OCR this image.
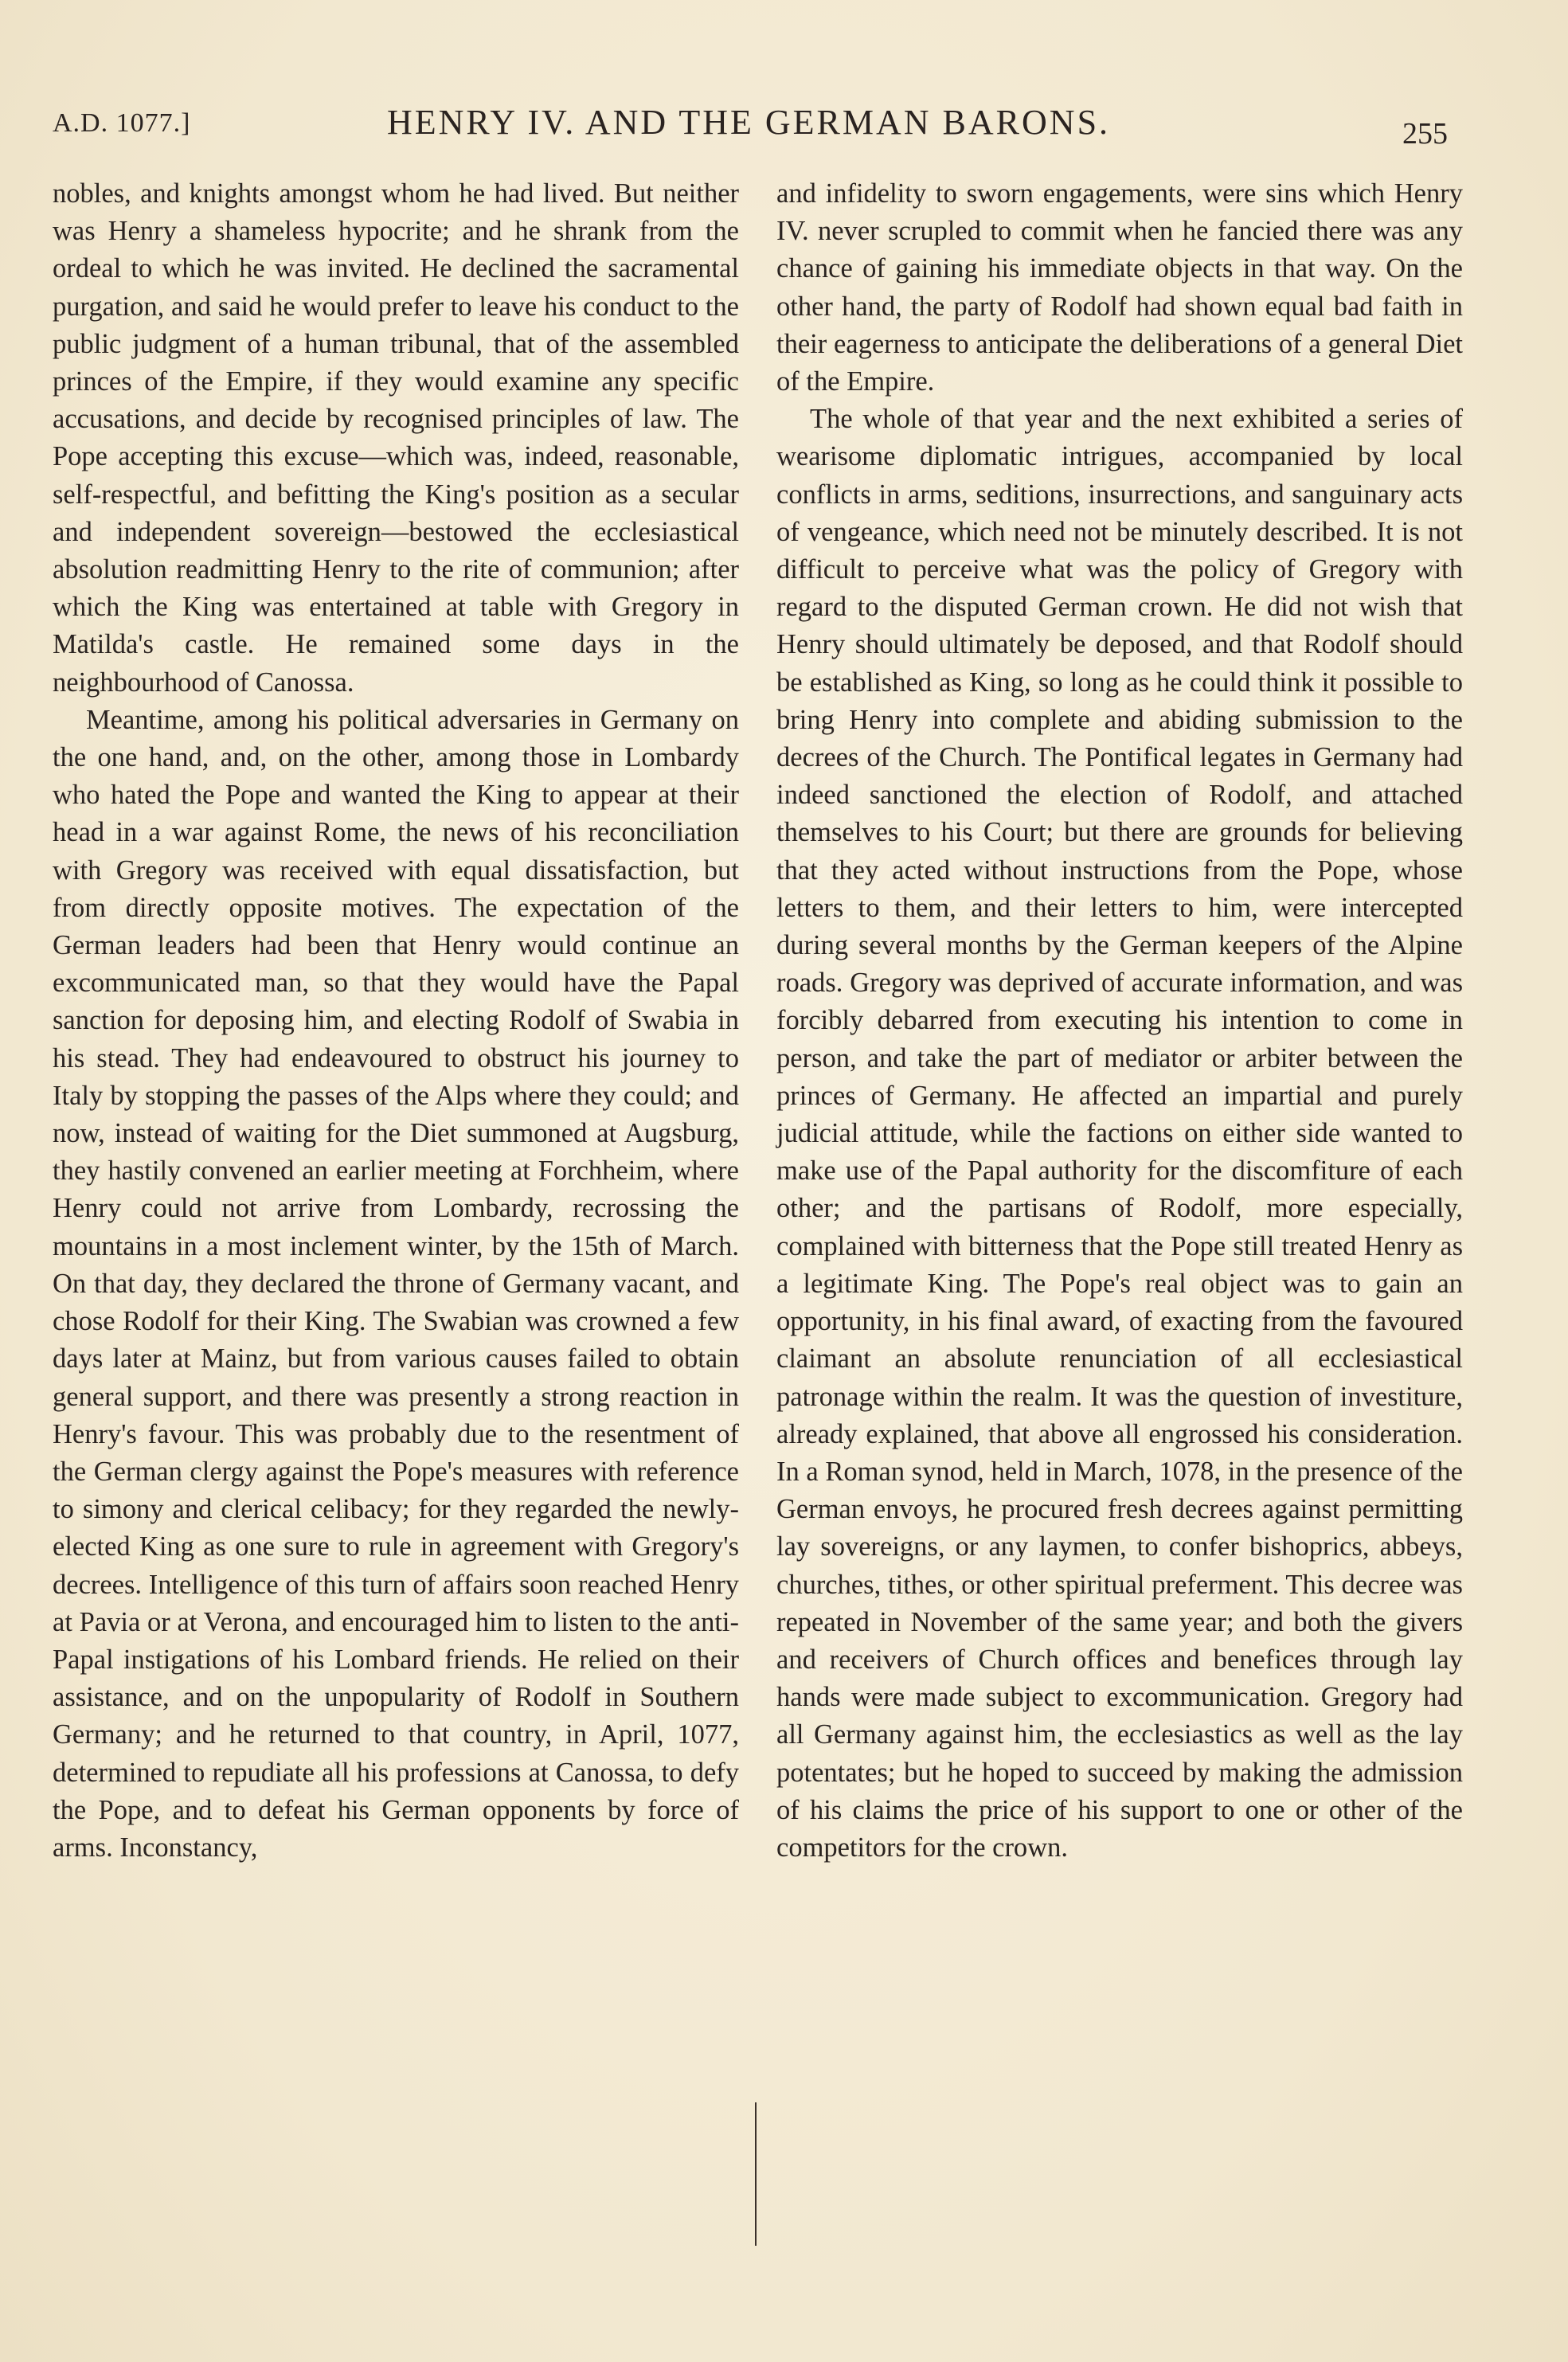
A.D. 1077.]	HENRY IV. AND THE GERMAN BARONS.	255

nobles, and knights amongst whom he had lived. But neither was Henry a shameless hypocrite; and he shrank from the ordeal to which he was invited. He declined the sacramental purgation, and said he would prefer to leave his conduct to the public judgment of a human tribunal, that of the assembled princes of the Empire, if they would examine any specific accusations, and decide by recognised principles of law. The Pope accepting this excuse—which was, indeed, reasonable, self-respectful, and befitting the King's position as a secular and independent sovereign—bestowed the ecclesiastical absolution readmitting Henry to the rite of communion; after which the King was entertained at table with Gregory in Matilda's castle. He remained some days in the neighbourhood of Canossa.

Meantime, among his political adversaries in Germany on the one hand, and, on the other, among those in Lombardy who hated the Pope and wanted the King to appear at their head in a war against Rome, the news of his reconciliation with Gregory was received with equal dissatisfaction, but from directly opposite motives. The expectation of the German leaders had been that Henry would continue an excommunicated man, so that they would have the Papal sanction for deposing him, and electing Rodolf of Swabia in his stead. They had endeavoured to obstruct his journey to Italy by stopping the passes of the Alps where they could; and now, instead of waiting for the Diet summoned at Augsburg, they hastily convened an earlier meeting at Forchheim, where Henry could not arrive from Lombardy, recrossing the mountains in a most inclement winter, by the 15th of March. On that day, they declared the throne of Germany vacant, and chose Rodolf for their King. The Swabian was crowned a few days later at Mainz, but from various causes failed to obtain general support, and there was presently a strong reaction in Henry's favour. This was probably due to the resentment of the German clergy against the Pope's measures with reference to simony and clerical celibacy; for they regarded the newly-elected King as one sure to rule in agreement with Gregory's decrees. Intelligence of this turn of affairs soon reached Henry at Pavia or at Verona, and encouraged him to listen to the anti-Papal instigations of his Lombard friends. He relied on their assistance, and on the unpopularity of Rodolf in Southern Germany; and he returned to that country, in April, 1077, determined to repudiate all his professions at Canossa, to defy the Pope, and to defeat his German opponents by force of arms. Inconstancy,

and infidelity to sworn engagements, were sins which Henry IV. never scrupled to commit when he fancied there was any chance of gaining his immediate objects in that way. On the other hand, the party of Rodolf had shown equal bad faith in their eagerness to anticipate the deliberations of a general Diet of the Empire.

The whole of that year and the next exhibited a series of wearisome diplomatic intrigues, accompanied by local conflicts in arms, seditions, insurrections, and sanguinary acts of vengeance, which need not be minutely described. It is not difficult to perceive what was the policy of Gregory with regard to the disputed German crown. He did not wish that Henry should ultimately be deposed, and that Rodolf should be established as King, so long as he could think it possible to bring Henry into complete and abiding submission to the decrees of the Church. The Pontifical legates in Germany had indeed sanctioned the election of Rodolf, and attached themselves to his Court; but there are grounds for believing that they acted without instructions from the Pope, whose letters to them, and their letters to him, were intercepted during several months by the German keepers of the Alpine roads. Gregory was deprived of accurate information, and was forcibly debarred from executing his intention to come in person, and take the part of mediator or arbiter between the princes of Germany. He affected an impartial and purely judicial attitude, while the factions on either side wanted to make use of the Papal authority for the discomfiture of each other; and the partisans of Rodolf, more especially, complained with bitterness that the Pope still treated Henry as a legitimate King. The Pope's real object was to gain an opportunity, in his final award, of exacting from the favoured claimant an absolute renunciation of all ecclesiastical patronage within the realm. It was the question of investiture, already explained, that above all engrossed his consideration. In a Roman synod, held in March, 1078, in the presence of the German envoys, he procured fresh decrees against permitting lay sovereigns, or any laymen, to confer bishoprics, abbeys, churches, tithes, or other spiritual preferment. This decree was repeated in November of the same year; and both the givers and receivers of Church offices and benefices through lay hands were made subject to excommunication. Gregory had all Germany against him, the ecclesiastics as well as the lay potentates; but he hoped to succeed by making the admission of his claims the price of his support to one or other of the competitors for the crown.
